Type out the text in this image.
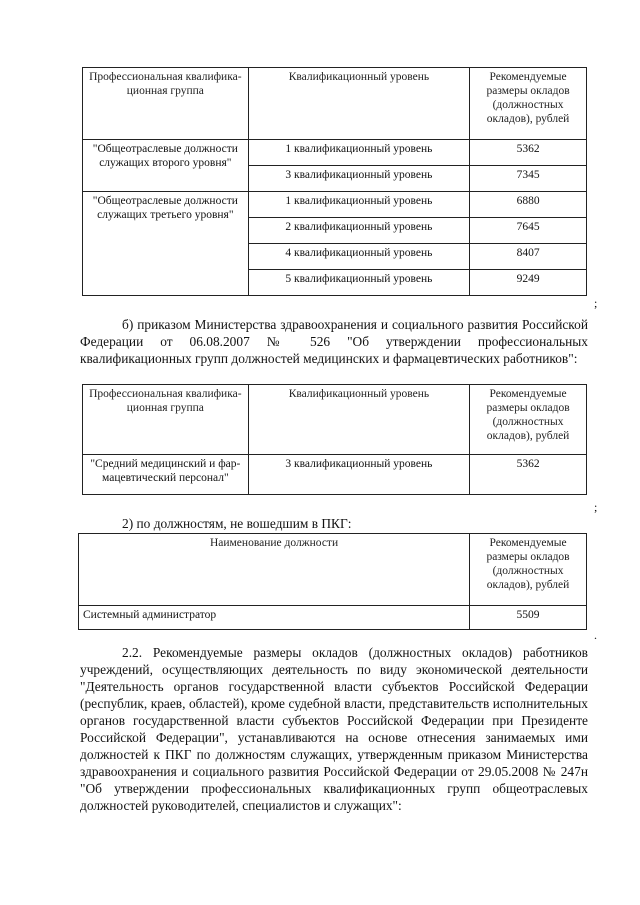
Профессиональная квалифика-ционная группа	Квалификационный уровень	Рекомендуемые размеры окладов (должностных окладов), рублей
"Общеотраслевые должности служащих второго уровня"	1 квалификационный уровень	5362
	3 квалификационный уровень	7345
"Общеотраслевые должности служащих третьего уровня"	1 квалификационный уровень	6880
	2 квалификационный уровень	7645
	4 квалификационный уровень	8407
	5 квалификационный уровень	9249
;

б) приказом Министерства здравоохранения и социального развития Российской Федерации от 06.08.2007 № 526 "Об утверждении профессиональных квалификационных групп должностей медицинских и фармацевтических работников":

Профессиональная квалифика-ционная группа	Квалификационный уровень	Рекомендуемые размеры окладов (должностных окладов), рублей
"Средний медицинский и фар-мацевтический персонал"	3 квалификационный уровень	5362
;

2) по должностям, не вошедшим в ПКГ:

Наименование должности	Рекомендуемые размеры окладов (должностных окладов), рублей
Системный администратор	5509
.

2.2. Рекомендуемые размеры окладов (должностных окладов) работников учреждений, осуществляющих деятельность по виду экономической деятельности "Деятельность органов государственной власти субъектов Российской Федерации (республик, краев, областей), кроме судебной власти, представительств исполнительных органов государственной власти субъектов Российской Федерации при Президенте Российской Федерации", устанавливаются на основе отнесения занимаемых ими должностей к ПКГ по должностям служащих, утвержденным приказом Министерства здравоохранения и социального развития Российской Федерации от 29.05.2008 № 247н "Об утверждении профессиональных квалификационных групп общеотраслевых должностей руководителей, специалистов и служащих":
